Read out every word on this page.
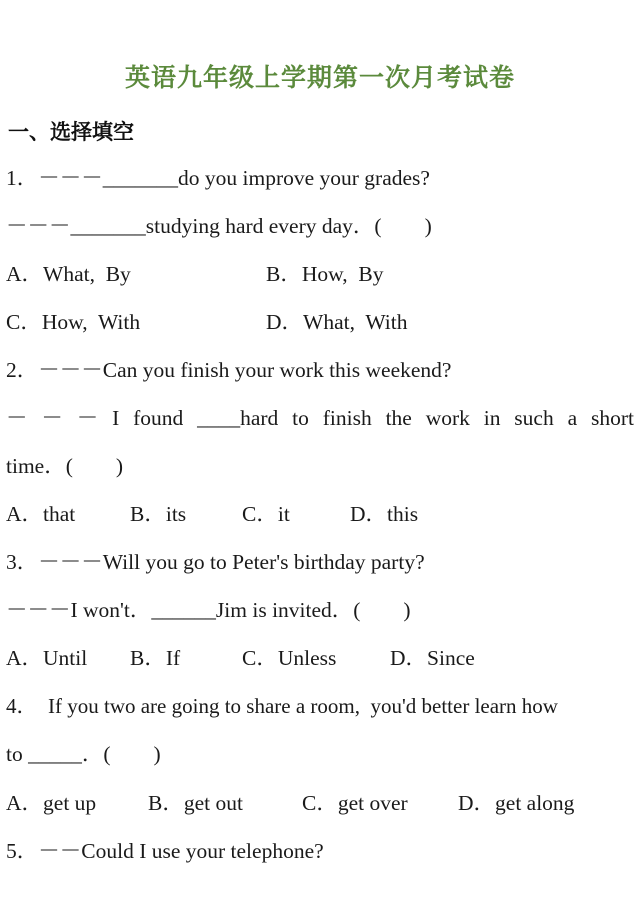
英语九年级上学期第一次月考试卷
一、选择填空
1．－－－_______do you improve your grades?
－－－_______studying hard every day．(　　)
A．What,  By	B．How,  By
C．How,  With	D．What,  With
2．－－－Can you finish your work this weekend?
－ － － I found ____hard to finish the work in such a short
time．(　　)
A．that	B．its	C．it	D．this
3．－－－Will you go to Peter's birthday party?
－－－I won't．______Jim is invited．(　　)
A．Until B．If	C．Unless D．Since
4．  If you two are going to share a room,  you'd better learn how
to _____．(　　)
A．get up B．get out	C．get over D．get along
5．－－Could I use your telephone?
